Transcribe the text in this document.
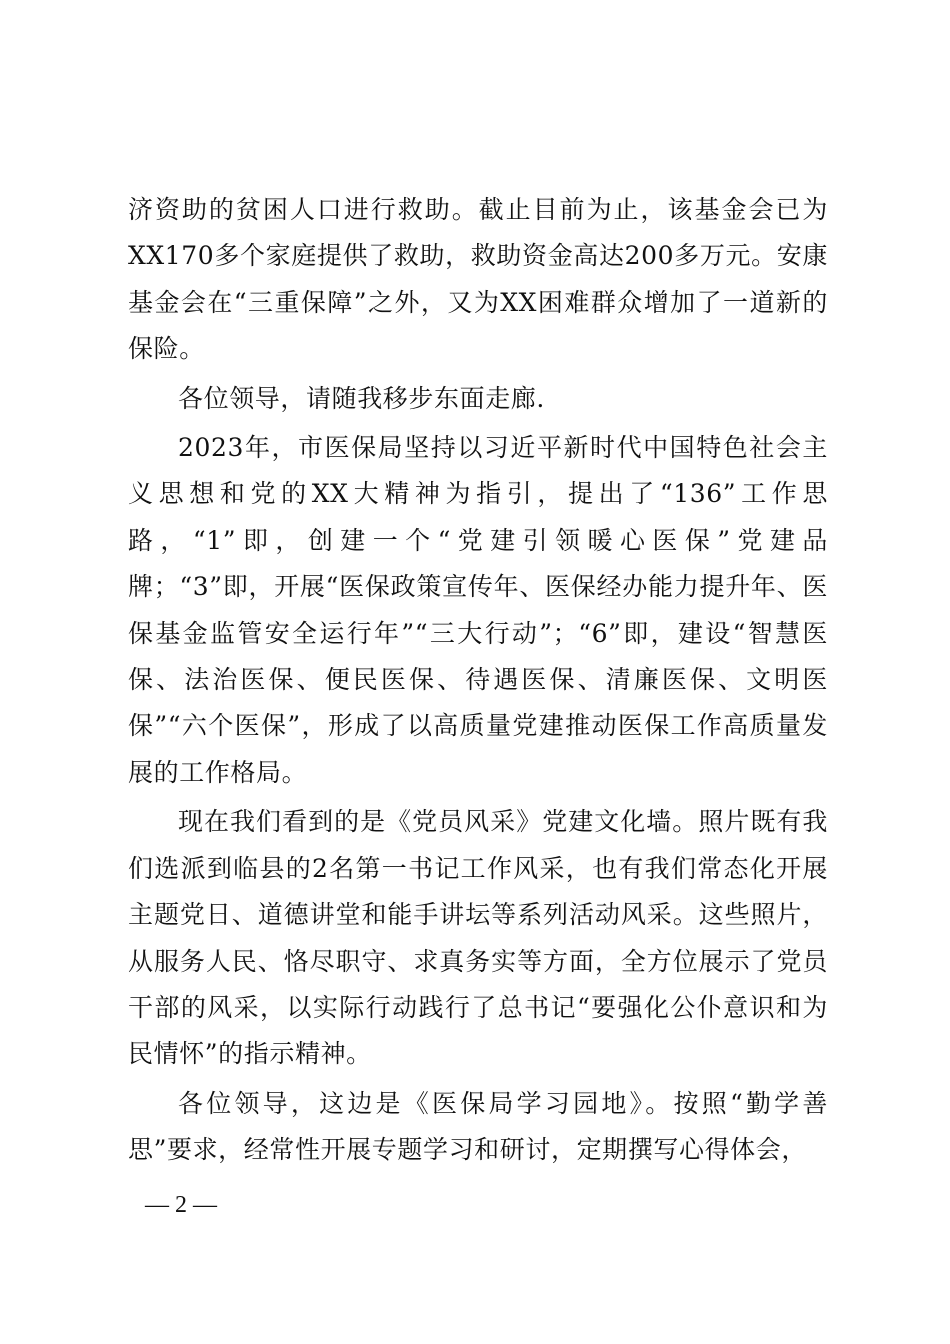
济资助的贫困人口进行救助。截止目前为止，该基金会已为XX170多个家庭提供了救助，救助资金高达200多万元。安康基金会在“三重保障”之外，又为XX困难群众增加了一道新的保险。

各位领导，请随我移步东面走廊.

2023年，市医保局坚持以习近平新时代中国特色社会主义思想和党的XX大精神为指引，提出了“136”工作思路，“1”即，创建一个“党建引领暖心医保”党建品牌；“3”即，开展“医保政策宣传年、医保经办能力提升年、医保基金监管安全运行年”“三大行动”；“6”即，建设“智慧医保、法治医保、便民医保、待遇医保、清廉医保、文明医保”“六个医保”，形成了以高质量党建推动医保工作高质量发展的工作格局。

现在我们看到的是《党员风采》党建文化墙。照片既有我们选派到临县的2名第一书记工作风采，也有我们常态化开展主题党日、道德讲堂和能手讲坛等系列活动风采。这些照片，从服务人民、恪尽职守、求真务实等方面，全方位展示了党员干部的风采，以实际行动践行了总书记“要强化公仆意识和为民情怀”的指示精神。

各位领导，这边是《医保局学习园地》。按照“勤学善思”要求，经常性开展专题学习和研讨，定期撰写心得体会，

— 2 —
